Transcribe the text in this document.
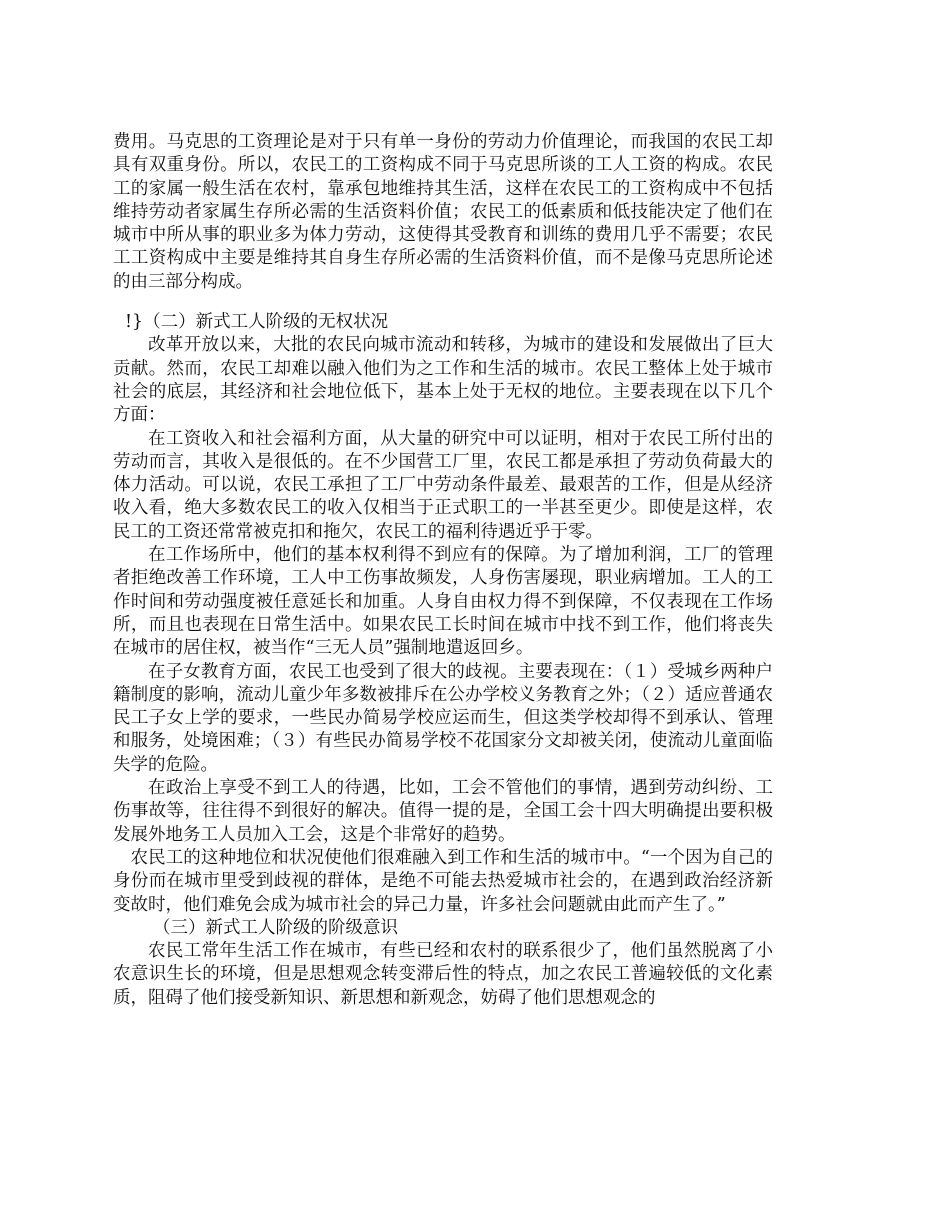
费用。马克思的工资理论是对于只有单一身份的劳动力价值理论，而我国的农民工却具有双重身份。所以，农民工的工资构成不同于马克思所谈的工人工资的构成。农民工的家属一般生活在农村，靠承包地维持其生活，这样在农民工的工资构成中不包括维持劳动者家属生存所必需的生活资料价值；农民工的低素质和低技能决定了他们在城市中所从事的职业多为体力劳动，这使得其受教育和训练的费用几乎不需要；农民工工资构成中主要是维持其自身生存所必需的生活资料价值，而不是像马克思所论述的由三部分构成。

!}（二）新式工人阶级的无权状况

改革开放以来，大批的农民向城市流动和转移，为城市的建设和发展做出了巨大贡献。然而，农民工却难以融入他们为之工作和生活的城市。农民工整体上处于城市社会的底层，其经济和社会地位低下，基本上处于无权的地位。主要表现在以下几个方面：

在工资收入和社会福利方面，从大量的研究中可以证明，相对于农民工所付出的劳动而言，其收入是很低的。在不少国营工厂里，农民工都是承担了劳动负荷最大的体力活动。可以说，农民工承担了工厂中劳动条件最差、最艰苦的工作，但是从经济收入看，绝大多数农民工的收入仅相当于正式职工的一半甚至更少。即使是这样，农民工的工资还常常被克扣和拖欠，农民工的福利待遇近乎于零。

在工作场所中，他们的基本权利得不到应有的保障。为了增加利润，工厂的管理者拒绝改善工作环境，工人中工伤事故频发，人身伤害屡现，职业病增加。工人的工作时间和劳动强度被任意延长和加重。人身自由权力得不到保障，不仅表现在工作场所，而且也表现在日常生活中。如果农民工长时间在城市中找不到工作，他们将丧失在城市的居住权，被当作“三无人员”强制地遣返回乡。

在子女教育方面，农民工也受到了很大的歧视。主要表现在：（１）受城乡两种户籍制度的影响，流动儿童少年多数被排斥在公办学校义务教育之外；（２）适应普通农民工子女上学的要求，一些民办简易学校应运而生，但这类学校却得不到承认、管理和服务，处境困难；（３）有些民办简易学校不花国家分文却被关闭，使流动儿童面临失学的危险。

在政治上享受不到工人的待遇，比如，工会不管他们的事情，遇到劳动纠纷、工伤事故等，往往得不到很好的解决。值得一提的是，全国工会十四大明确提出要积极发展外地务工人员加入工会，这是个非常好的趋势。

农民工的这种地位和状况使他们很难融入到工作和生活的城市中。“一个因为自己的身份而在城市里受到歧视的群体，是绝不可能去热爱城市社会的，在遇到政治经济新变故时，他们难免会成为城市社会的异己力量，许多社会问题就由此而产生了。”

（三）新式工人阶级的阶级意识

农民工常年生活工作在城市，有些已经和农村的联系很少了，他们虽然脱离了小农意识生长的环境，但是思想观念转变滞后性的特点，加之农民工普遍较低的文化素质，阻碍了他们接受新知识、新思想和新观念，妨碍了他们思想观念的
